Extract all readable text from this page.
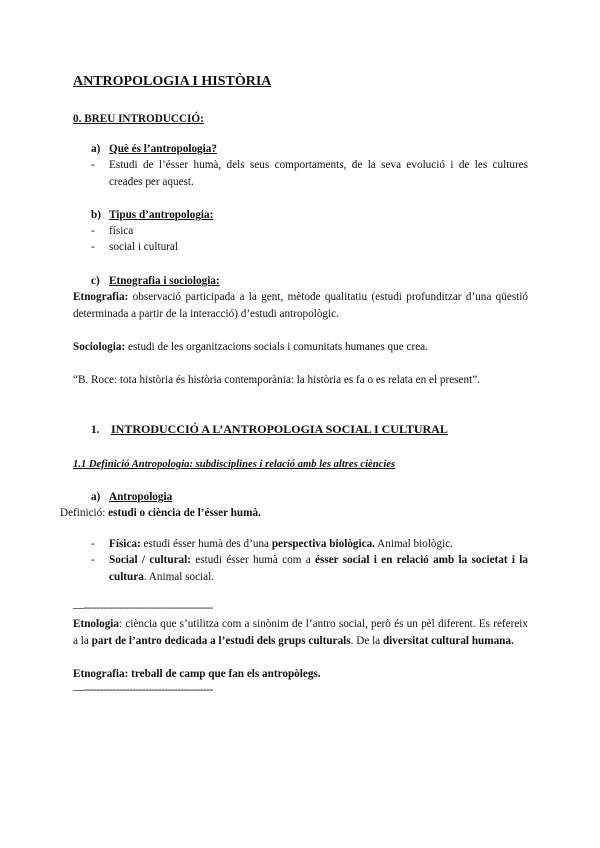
ANTROPOLOGIA I HISTÒRIA
0. BREU INTRODUCCIÓ:
a) Què és l’antropologia?
-	Estudi de l’ésser humà, dels seus comportaments, de la seva evolució i de les cultures creades per aquest.
b) Tipus d’antropologia:
- física
- social i cultural
c) Etnografia i sociologia:
Etnografia: observació participada a la gent, mètode qualitatiu (estudi profunditzar d’una qüestió determinada a partir de la interacció) d’estudi antropològic.
Sociologia: estudi de les organitzacions socials i comunitats humanes que crea.
“B. Roce: tota història és història contemporània: la història es fa o es relata en el present”.
1. INTRODUCCIÓ A L’ANTROPOLOGIA SOCIAL I CULTURAL
1.1 Definició Antropologia: subdisciplines i relació amb les altres ciències
a) Antropologia
Definició: estudi o ciència de l’ésser humà.
-	Física: estudi ésser humà des d’una perspectiva biològica. Animal biològic.
-	Social / cultural: estudi ésser humà com a ésser social i en relació amb la societat i la cultura. Animal social.
—----------------------------------------
Etnologia: ciència que s’utilitza com a sinònim de l’antro social, però és un pèl diferent. Es refereix a la part de l’antro dedicada a l’estudi dels grups culturals. De la diversitat cultural humana.
Etnografia: treball de camp que fan els antropòlegs.
—----------------------------------------
